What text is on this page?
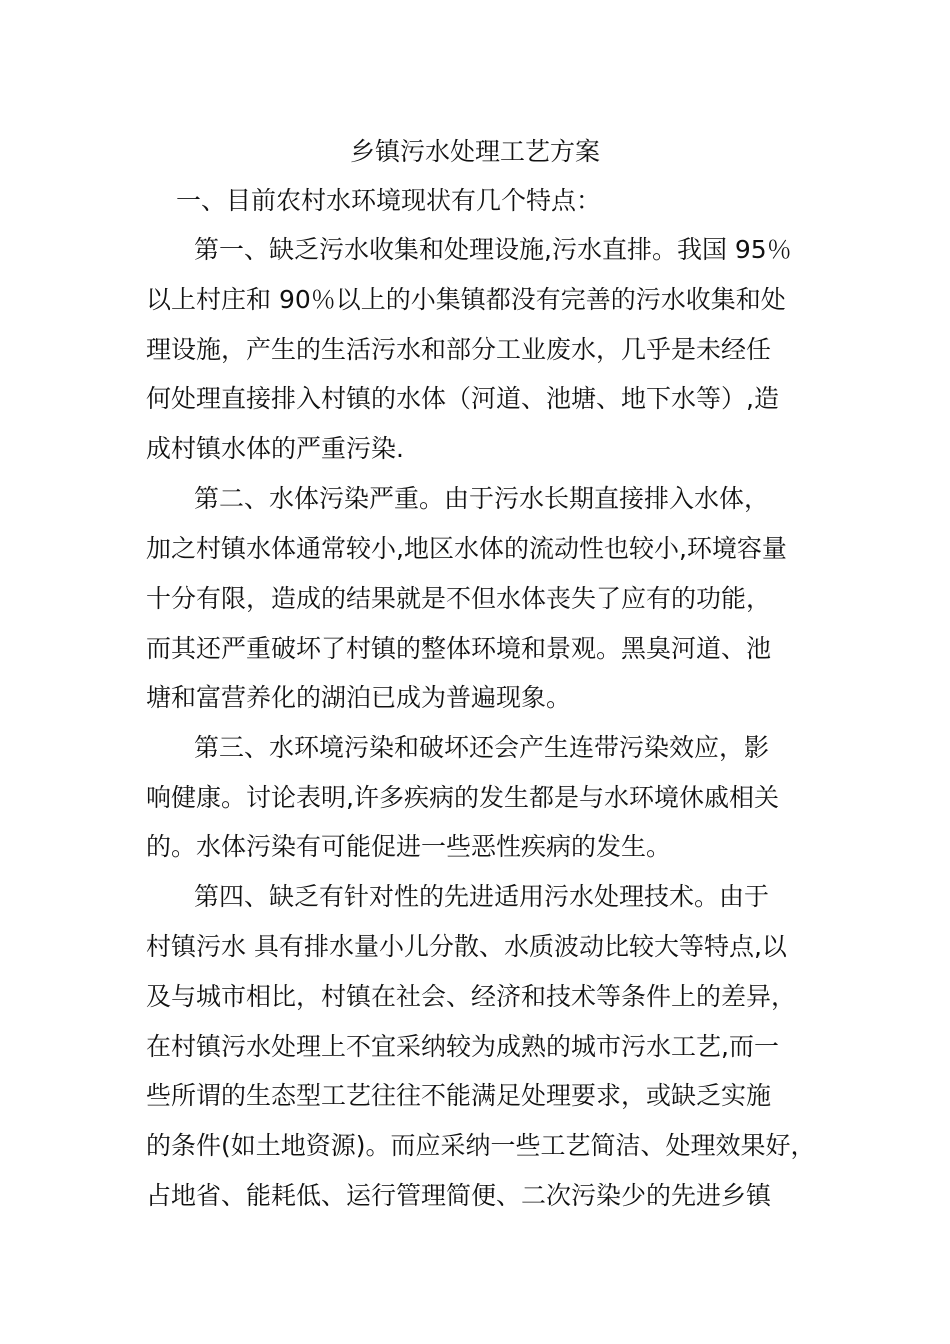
乡镇污水处理工艺方案
一、目前农村水环境现状有几个特点：
第一、缺乏污水收集和处理设施,污水直排。我国 95％
以上村庄和 90％以上的小集镇都没有完善的污水收集和处
理设施，产生的生活污水和部分工业废水，几乎是未经任
何处理直接排入村镇的水体（河道、池塘、地下水等）,造
成村镇水体的严重污染.
第二、水体污染严重。由于污水长期直接排入水体，
加之村镇水体通常较小,地区水体的流动性也较小,环境容量
十分有限，造成的结果就是不但水体丧失了应有的功能，
而其还严重破坏了村镇的整体环境和景观。黑臭河道、池
塘和富营养化的湖泊已成为普遍现象。
第三、水环境污染和破坏还会产生连带污染效应，影
响健康。讨论表明,许多疾病的发生都是与水环境休戚相关
的。水体污染有可能促进一些恶性疾病的发生。
第四、缺乏有针对性的先进适用污水处理技术。由于
村镇污水 具有排水量小儿分散、水质波动比较大等特点,以
及与城市相比，村镇在社会、经济和技术等条件上的差异，
在村镇污水处理上不宜采纳较为成熟的城市污水工艺,而一
些所谓的生态型工艺往往不能满足处理要求，或缺乏实施
的条件(如土地资源)。而应采纳一些工艺简洁、处理效果好，
占地省、能耗低、运行管理简便、二次污染少的先进乡镇
